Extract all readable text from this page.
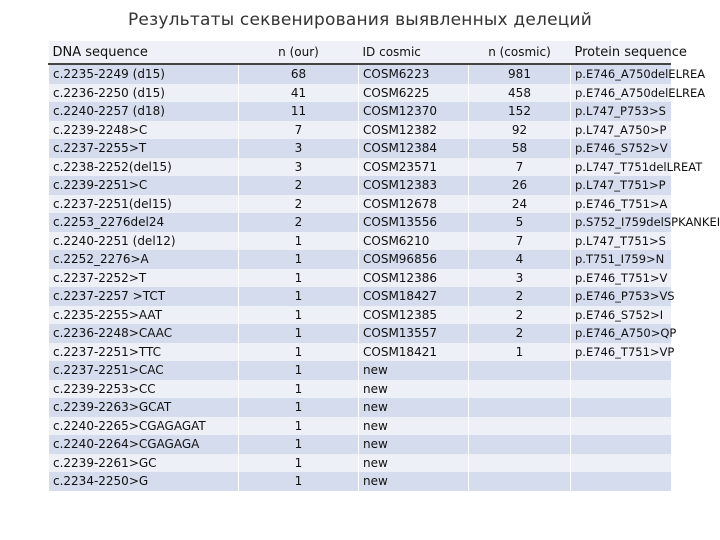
Результаты секвенирования выявленных делеций
DNA sequence	n (our)	ID cosmic	n (cosmic)	Protein sequence
c.2235-2249 (d15)	68	COSM6223	981	p.E746_A750delELREA
c.2236-2250 (d15)	41	COSM6225	458	p.E746_A750delELREA
c.2240-2257 (d18)	11	COSM12370	152	p.L747_P753>S
c.2239-2248>C	7	COSM12382	92	p.L747_A750>P
c.2237-2255>T	3	COSM12384	58	p.E746_S752>V
c.2238-2252(del15)	3	COSM23571	7	p.L747_T751delLREAT
c.2239-2251>C	2	COSM12383	26	p.L747_T751>P
c.2237-2251(del15)	2	COSM12678	24	p.E746_T751>A
c.2253_2276del24	2	COSM13556	5	p.S752_I759delSPKANKEI
c.2240-2251 (del12)	1	COSM6210	7	p.L747_T751>S
c.2252_2276>A	1	COSM96856	4	p.T751_I759>N
c.2237-2252>T	1	COSM12386	3	p.E746_T751>V
c.2237-2257 >TCT	1	COSM18427	2	p.E746_P753>VS
c.2235-2255>AAT	1	COSM12385	2	p.E746_S752>I
c.2236-2248>CAAC	1	COSM13557	2	p.E746_A750>QP
c.2237-2251>TTC	1	COSM18421	1	p.E746_T751>VP
c.2237-2251>CAC	1	new		
c.2239-2253>CC	1	new		
c.2239-2263>GCAT	1	new		
c.2240-2265>CGAGAGAT	1	new		
c.2240-2264>CGAGAGA	1	new		
c.2239-2261>GC	1	new		
c.2234-2250>G	1	new		
